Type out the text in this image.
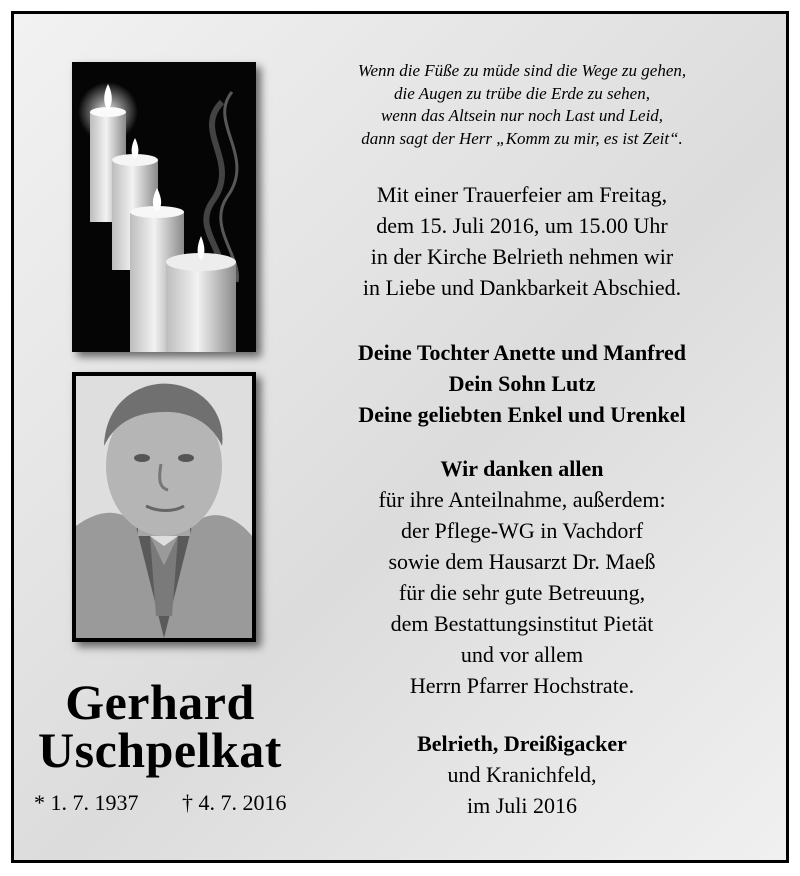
Gerhard
Uschpelkat
* 1. 7. 1937 † 4. 7. 2016
Wenn die Füße zu müde sind die Wege zu gehen,
die Augen zu trübe die Erde zu sehen,
wenn das Altsein nur noch Last und Leid,
dann sagt der Herr „Komm zu mir, es ist Zeit“.
Mit einer Trauerfeier am Freitag,
dem 15. Juli 2016, um 15.00 Uhr
in der Kirche Belrieth nehmen wir
in Liebe und Dankbarkeit Abschied.
Deine Tochter Anette und Manfred
Dein Sohn Lutz
Deine geliebten Enkel und Urenkel
Wir danken allen
für ihre Anteilnahme, außerdem:
der Pflege-WG in Vachdorf
sowie dem Hausarzt Dr. Maeß
für die sehr gute Betreuung,
dem Bestattungsinstitut Pietät
und vor allem
Herrn Pfarrer Hochstrate.
Belrieth, Dreißigacker
und Kranichfeld,
im Juli 2016
